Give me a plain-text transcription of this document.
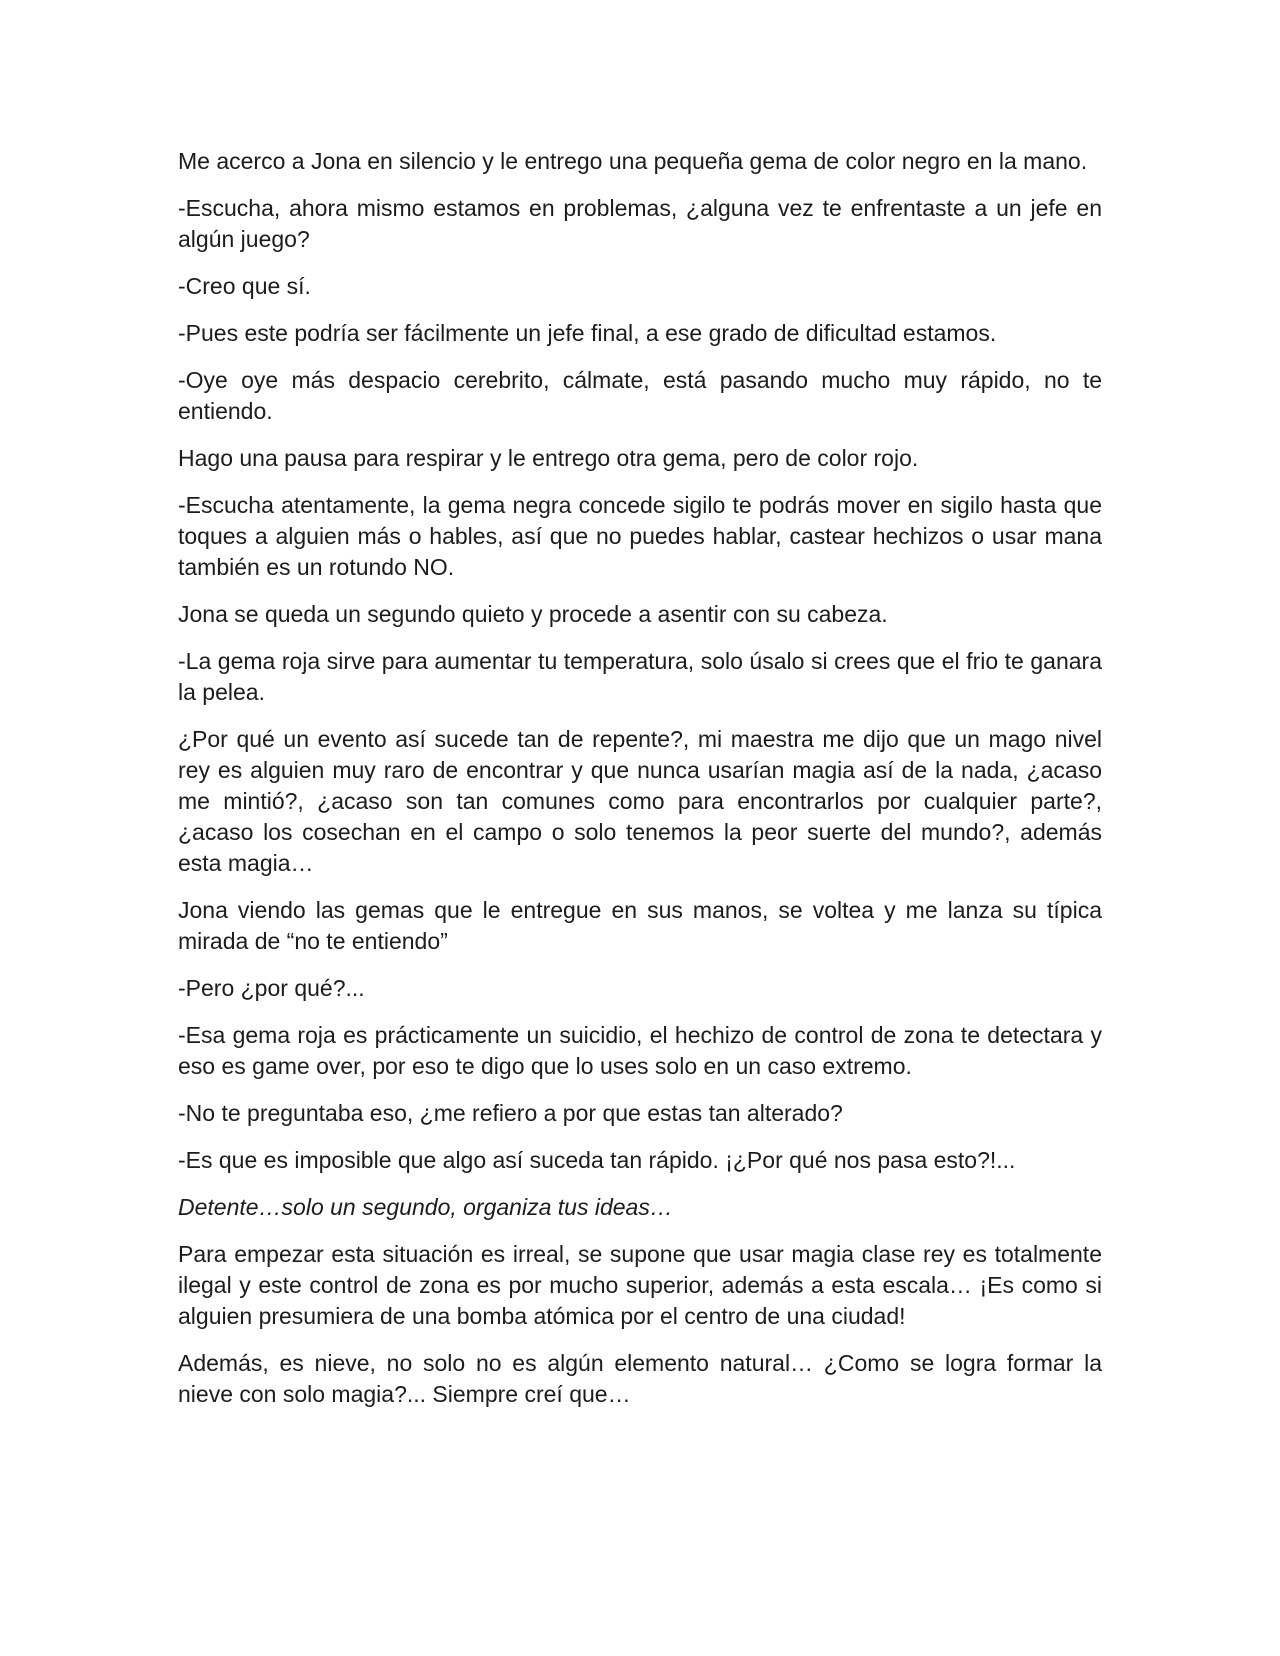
Me acerco a Jona en silencio y le entrego una pequeña gema de color negro en la mano.

-Escucha, ahora mismo estamos en problemas, ¿alguna vez te enfrentaste a un jefe en algún juego?

-Creo que sí.

-Pues este podría ser fácilmente un jefe final, a ese grado de dificultad estamos.

-Oye oye más despacio cerebrito, cálmate, está pasando mucho muy rápido, no te entiendo.

Hago una pausa para respirar y le entrego otra gema, pero de color rojo.

-Escucha atentamente, la gema negra concede sigilo te podrás mover en sigilo hasta que toques a alguien más o hables, así que no puedes hablar, castear hechizos o usar mana también es un rotundo NO.

Jona se queda un segundo quieto y procede a asentir con su cabeza.

-La gema roja sirve para aumentar tu temperatura, solo úsalo si crees que el frio te ganara la pelea.

¿Por qué un evento así sucede tan de repente?, mi maestra me dijo que un mago nivel rey es alguien muy raro de encontrar y que nunca usarían magia así de la nada, ¿acaso me mintió?, ¿acaso son tan comunes como para encontrarlos por cualquier parte?, ¿acaso los cosechan en el campo o solo tenemos la peor suerte del mundo?, además esta magia…

Jona viendo las gemas que le entregue en sus manos, se voltea y me lanza su típica mirada de “no te entiendo”

-Pero ¿por qué?...

-Esa gema roja es prácticamente un suicidio, el hechizo de control de zona te detectara y eso es game over, por eso te digo que lo uses solo en un caso extremo.

-No te preguntaba eso, ¿me refiero a por que estas tan alterado?

-Es que es imposible que algo así suceda tan rápido. ¡¿Por qué nos pasa esto?!...

Detente…solo un segundo, organiza tus ideas…

Para empezar esta situación es irreal, se supone que usar magia clase rey es totalmente ilegal y este control de zona es por mucho superior, además a esta escala… ¡Es como si alguien presumiera de una bomba atómica por el centro de una ciudad!

Además, es nieve, no solo no es algún elemento natural… ¿Como se logra formar la nieve con solo magia?... Siempre creí que…
